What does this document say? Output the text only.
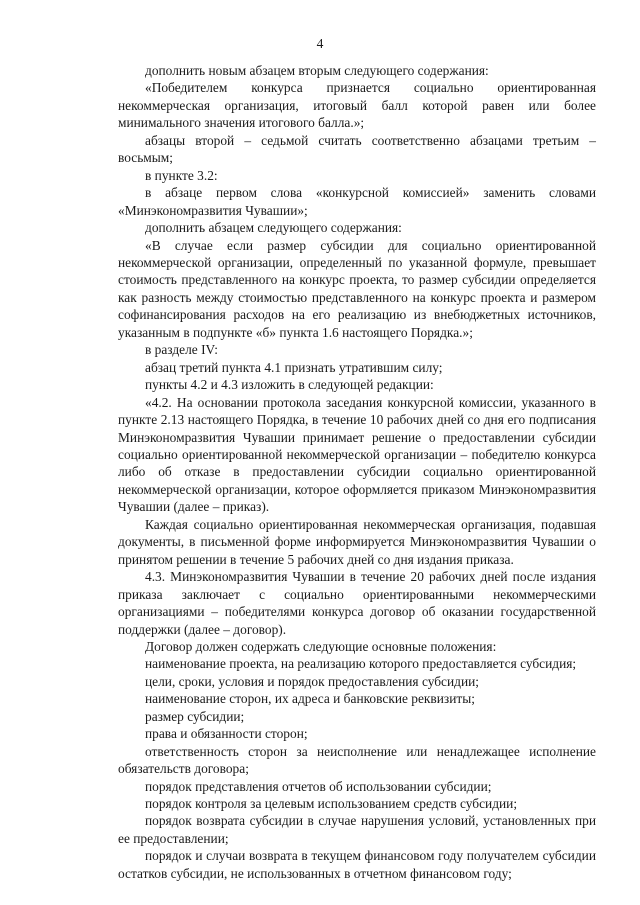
4

дополнить новым абзацем вторым следующего содержания:

«Победителем конкурса признается социально ориентированная некоммерческая организация, итоговый балл которой равен или более минимального значения итогового балла.»;

абзацы второй – седьмой считать соответственно абзацами третьим – восьмым;

в пункте 3.2:

в абзаце первом слова «конкурсной комиссией» заменить словами «Минэкономразвития Чувашии»;

дополнить абзацем следующего содержания:

«В случае если размер субсидии для социально ориентированной некоммерческой организации, определенный по указанной формуле, превышает стоимость представленного на конкурс проекта, то размер субсидии определяется как разность между стоимостью представленного на конкурс проекта и размером софинансирования расходов на его реализацию из внебюджетных источников, указанным в подпункте «б» пункта 1.6 настоящего Порядка.»;

в разделе IV:

абзац третий пункта 4.1 признать утратившим силу;

пункты 4.2 и 4.3 изложить в следующей редакции:

«4.2. На основании протокола заседания конкурсной комиссии, указанного в пункте 2.13 настоящего Порядка, в течение 10 рабочих дней со дня его подписания Минэкономразвития Чувашии принимает решение о предоставлении субсидии социально ориентированной некоммерческой организации – победителю конкурса либо об отказе в предоставлении субсидии социально ориентированной некоммерческой организации, которое оформляется приказом Минэкономразвития Чувашии (далее – приказ).

Каждая социально ориентированная некоммерческая организация, подавшая документы, в письменной форме информируется Минэкономразвития Чувашии о принятом решении в течение 5 рабочих дней со дня издания приказа.

4.3. Минэкономразвития Чувашии в течение 20 рабочих дней после издания приказа заключает с социально ориентированными некоммерческими организациями – победителями конкурса договор об оказании государственной поддержки (далее – договор).

Договор должен содержать следующие основные положения:

наименование проекта, на реализацию которого предоставляется субсидия;

цели, сроки, условия и порядок предоставления субсидии;

наименование сторон, их адреса и банковские реквизиты;

размер субсидии;

права и обязанности сторон;

ответственность сторон за неисполнение или ненадлежащее исполнение обязательств договора;

порядок представления отчетов об использовании субсидии;

порядок контроля за целевым использованием средств субсидии;

порядок возврата субсидии в случае нарушения условий, установленных при ее предоставлении;

порядок и случаи возврата в текущем финансовом году получателем субсидии остатков субсидии, не использованных в отчетном финансовом году;
